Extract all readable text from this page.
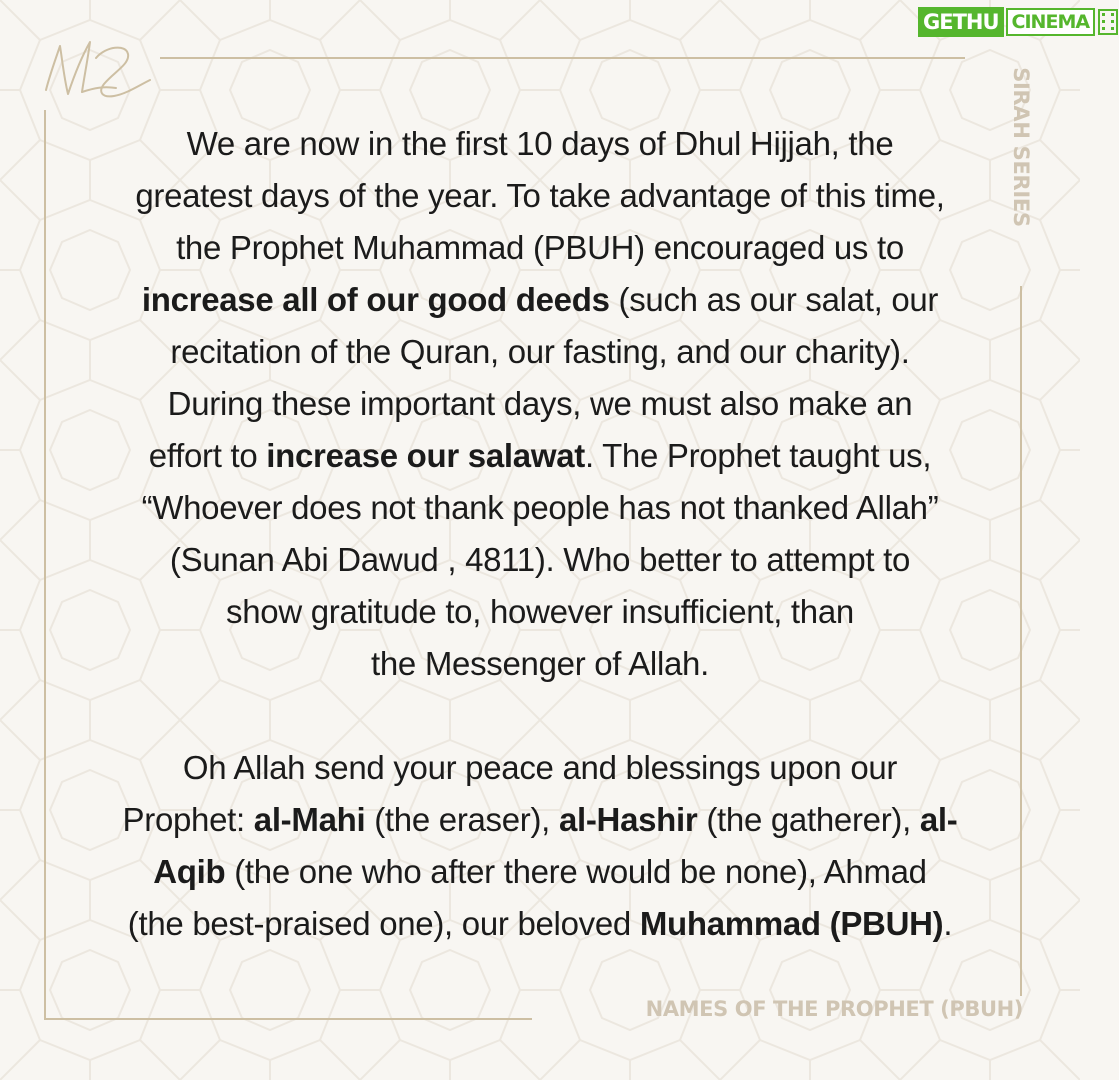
GETHU CINEMA
SIRAH SERIES

We are now in the first 10 days of Dhul Hijjah, the

greatest days of the year. To take advantage of this time,

the Prophet Muhammad (PBUH) encouraged us to

increase all of our good deeds (such as our salat, our

recitation of the Quran, our fasting, and our charity).

During these important days, we must also make an

effort to increase our salawat. The Prophet taught us,

“Whoever does not thank people has not thanked Allah”

(Sunan Abi Dawud , 4811). Who better to attempt to

show gratitude to, however insufficient, than

the Messenger of Allah.

Oh Allah send your peace and blessings upon our

Prophet: al-Mahi (the eraser), al-Hashir (the gatherer), al-

Aqib (the one who after there would be none), Ahmad

(the best-praised one), our beloved Muhammad (PBUH).

NAMES OF THE PROPHET (PBUH)
